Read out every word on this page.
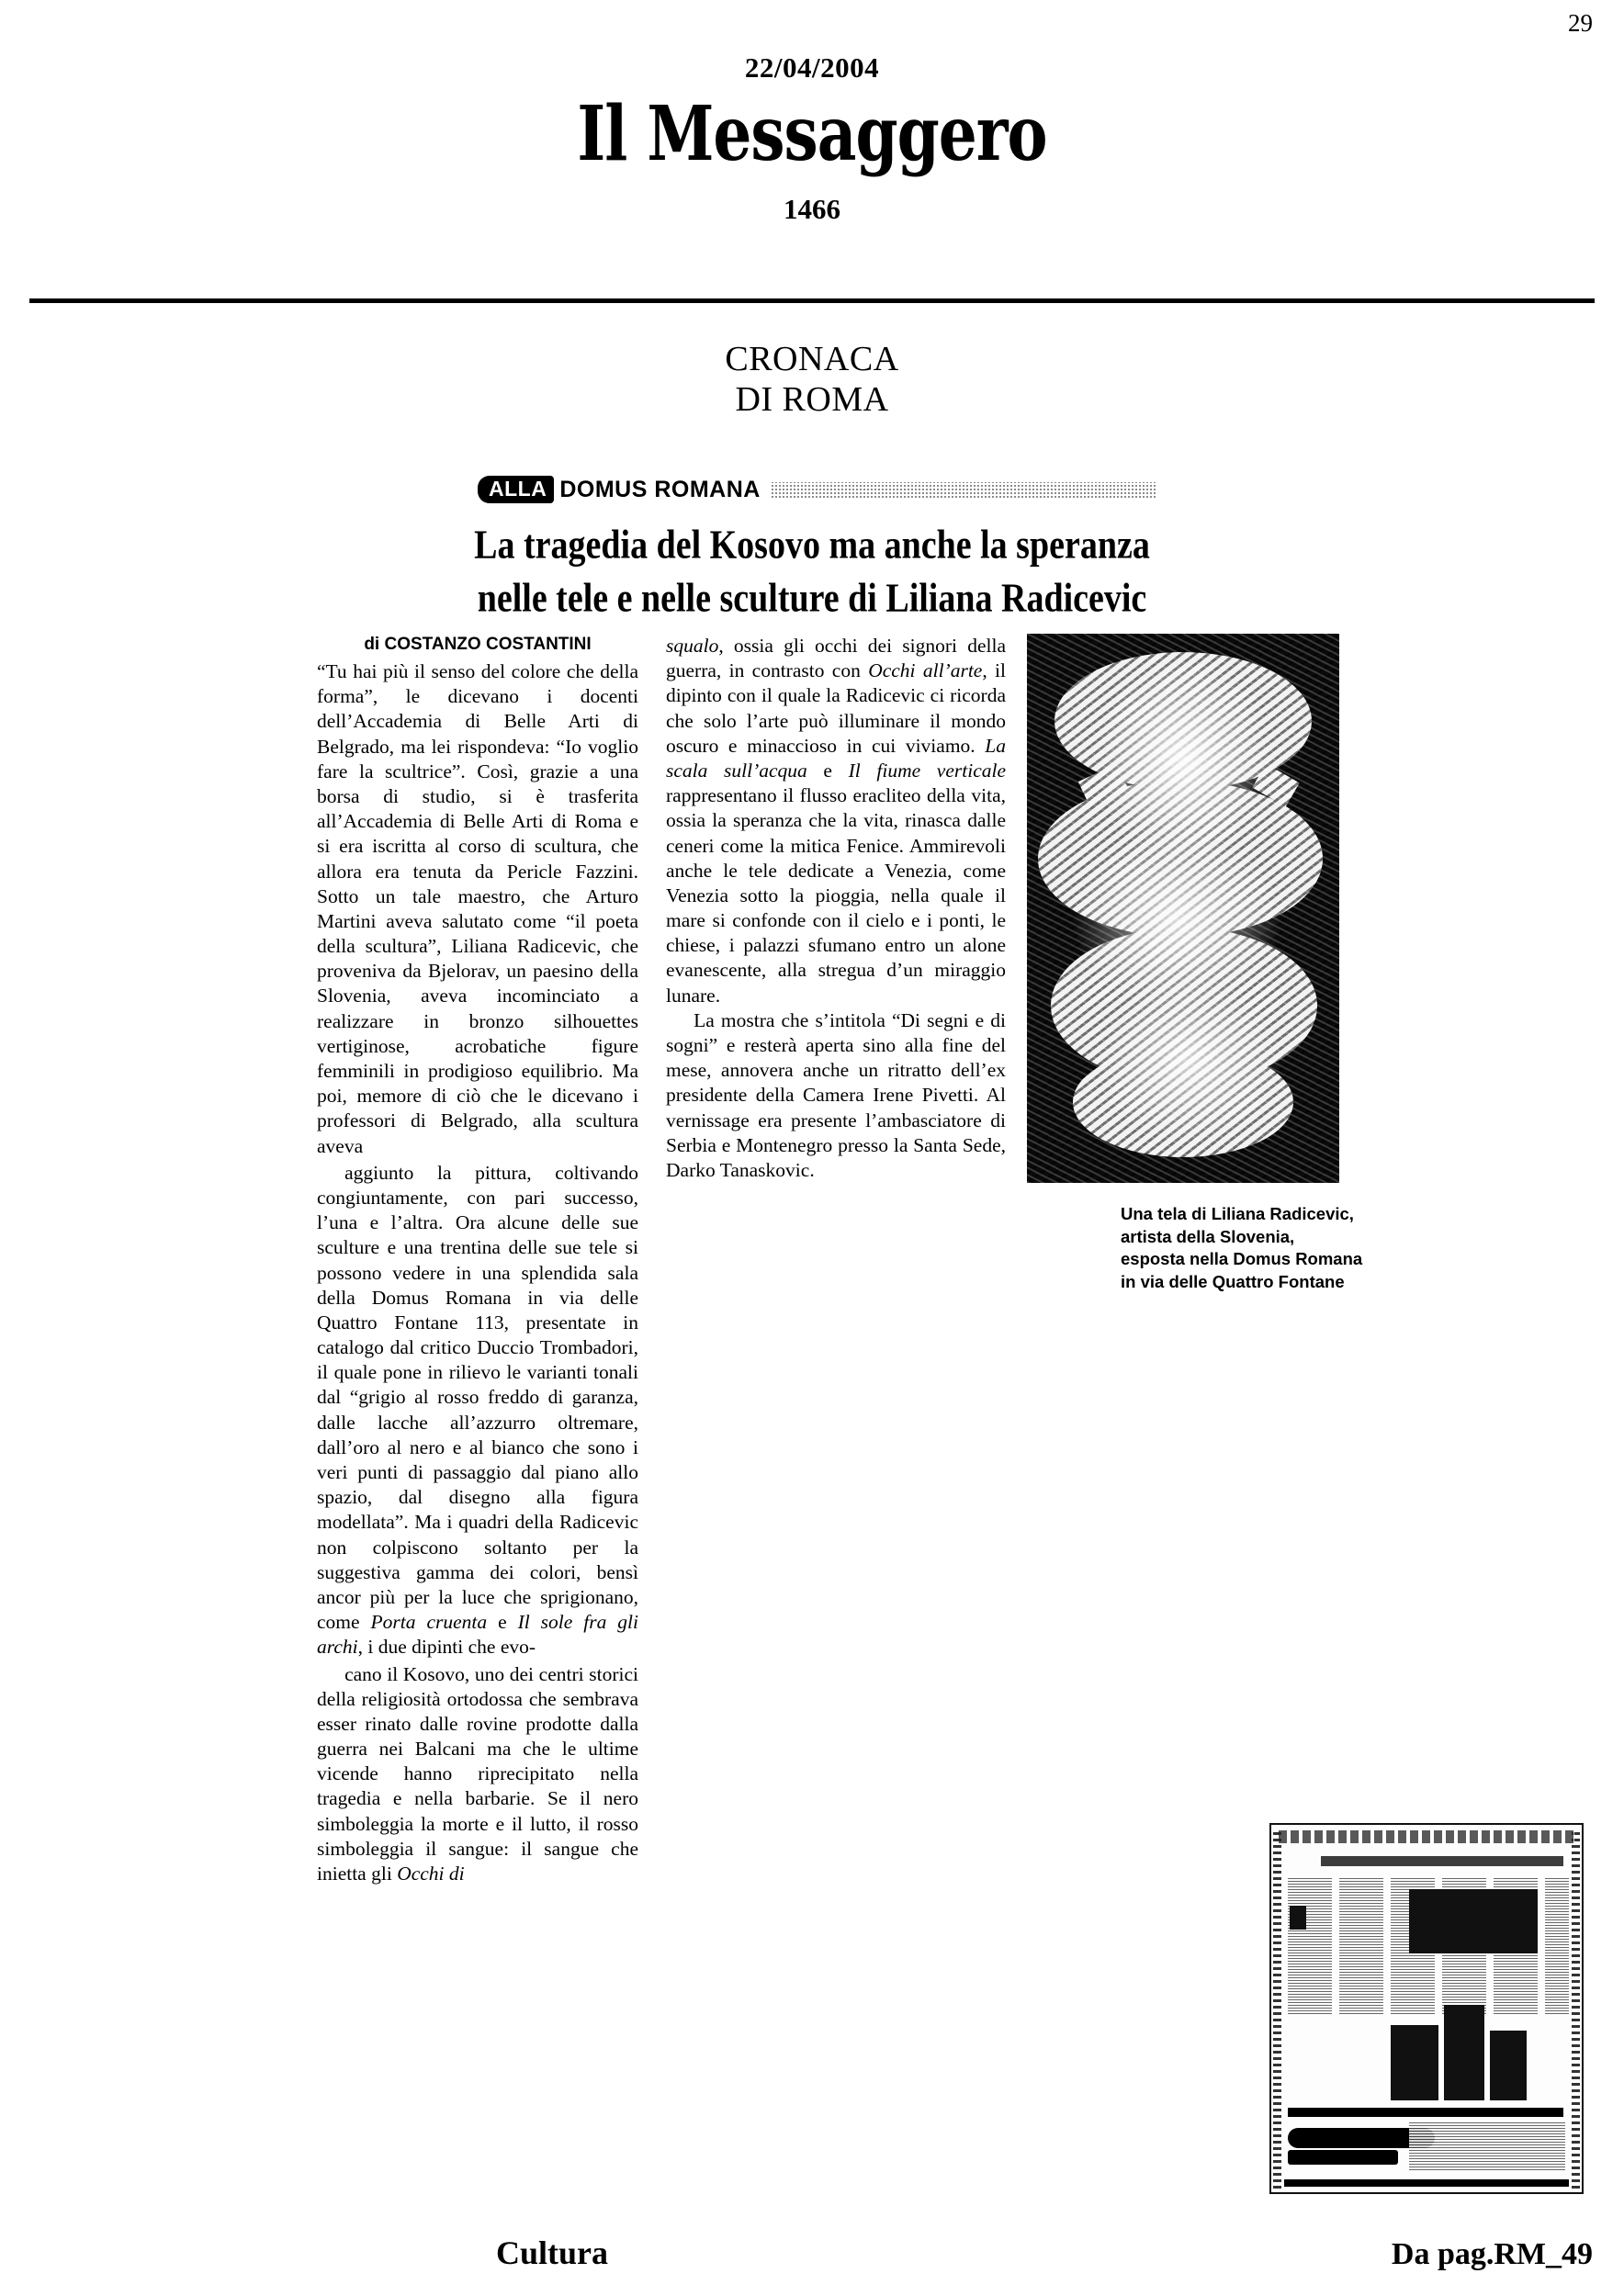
29
22/04/2004
Il Messaggero
1466
CRONACA
DI ROMA
ALLA DOMUS ROMANA
La tragedia del Kosovo ma anche la speranza
nelle tele e nelle sculture di Liliana Radicevic
di COSTANZO COSTANTINI

“Tu hai più il senso del colore che della forma”, le dicevano i docenti dell’Accademia di Belle Arti di Belgrado, ma lei rispondeva: “Io voglio fare la scultrice”. Così, grazie a una borsa di studio, si è trasferita all’Accademia di Belle Arti di Roma e si era iscritta al corso di scultura, che allora era tenuta da Pericle Fazzini. Sotto un tale maestro, che Arturo Martini aveva salutato come “il poeta della scultura”, Liliana Radicevic, che proveniva da Bjelorav, un paesino della Slovenia, aveva incominciato a realizzare in bronzo silhouettes vertiginose, acrobatiche figure femminili in prodigioso equilibrio. Ma poi, memore di ciò che le dicevano i professori di Belgrado, alla scultura aveva

aggiunto la pittura, coltivando congiuntamente, con pari successo, l’una e l’altra. Ora alcune delle sue sculture e una trentina delle sue tele si possono vedere in una splendida sala della Domus Romana in via delle Quattro Fontane 113, presentate in catalogo dal critico Duccio Trombadori, il quale pone in rilievo le varianti tonali dal “grigio al rosso freddo di garanza, dalle lacche all’azzurro oltremare, dall’oro al nero e al bianco che sono i veri punti di passaggio dal piano allo spazio, dal disegno alla figura modellata”. Ma i quadri della Radicevic non colpiscono soltanto per la suggestiva gamma dei colori, bensì ancor più per la luce che sprigionano, come Porta cruenta e Il sole fra gli archi, i due dipinti che evo-

cano il Kosovo, uno dei centri storici della religiosità ortodossa che sembrava esser rinato dalle rovine prodotte dalla guerra nei Balcani ma che le ultime vicende hanno riprecipitato nella tragedia e nella barbarie. Se il nero simboleggia la morte e il lutto, il rosso simboleggia il sangue: il sangue che inietta gli Occhi di

squalo, ossia gli occhi dei signori della guerra, in contrasto con Occhi all’arte, il dipinto con il quale la Radicevic ci ricorda che solo l’arte può illuminare il mondo oscuro e minaccioso in cui viviamo. La scala sull’acqua e Il fiume verticale rappresentano il flusso eracliteo della vita, ossia la speranza che la vita, rinasca dalle ceneri come la mitica Fenice. Ammirevoli anche le tele dedicate a Venezia, come Venezia sotto la pioggia, nella quale il mare si confonde con il cielo e i ponti, le chiese, i palazzi sfumano entro un alone evanescente, alla stregua d’un miraggio lunare.

La mostra che s’intitola “Di segni e di sogni” e resterà aperta sino alla fine del mese, annovera anche un ritratto dell’ex presidente della Camera Irene Pivetti. Al vernissage era presente l’ambasciatore di Serbia e Montenegro presso la Santa Sede, Darko Tanaskovic.

Una tela di Liliana Radicevic,
artista della Slovenia,
esposta nella Domus Romana
in via delle Quattro Fontane
Cultura	Da pag.RM_49
